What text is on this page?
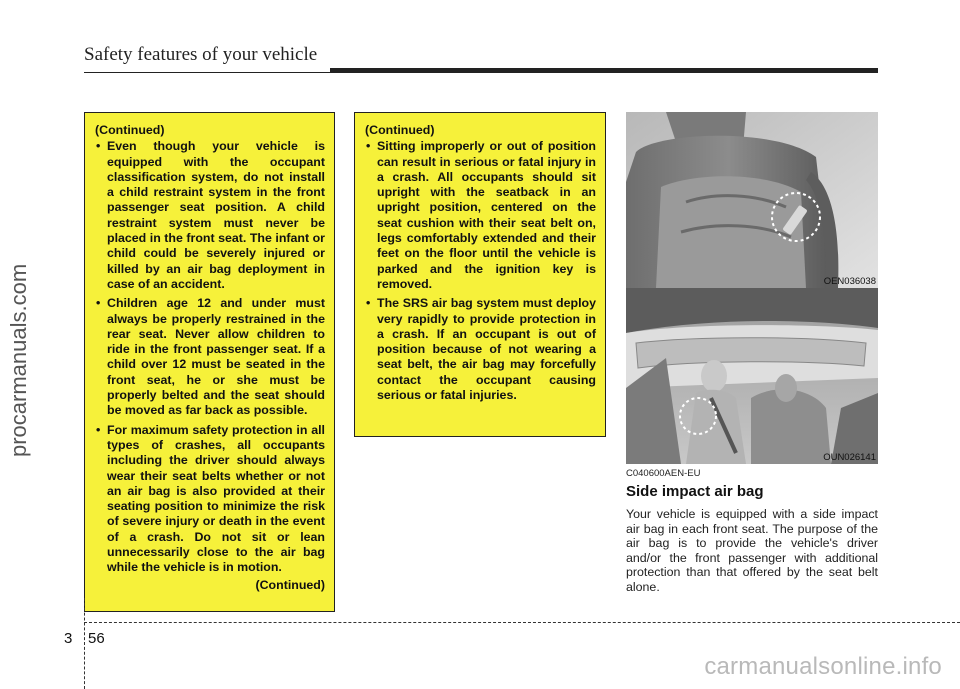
Safety features of your vehicle
procarmanuals.com
(Continued)
• Even though your vehicle is equipped with the occupant classification system, do not install a child restraint system in the front passenger seat position. A child restraint system must never be placed in the front seat. The infant or child could be severely injured or killed by an air bag deployment in case of an accident.
• Children age 12 and under must always be properly restrained in the rear seat. Never allow children to ride in the front passenger seat. If a child over 12 must be seated in the front seat, he or she must be properly belted and the seat should be moved as far back as possible.
• For maximum safety protection in all types of crashes, all occupants including the driver should always wear their seat belts whether or not an air bag is also provided at their seating position to minimize the risk of severe injury or death in the event of a crash. Do not sit or lean unnecessarily close to the air bag while the vehicle is in motion.
(Continued)
(Continued)
• Sitting improperly or out of position can result in serious or fatal injury in a crash. All occupants should sit upright with the seatback in an upright position, centered on the seat cushion with their seat belt on, legs comfortably extended and their feet on the floor until the vehicle is parked and the ignition key is removed.
• The SRS air bag system must deploy very rapidly to provide protection in a crash. If an occupant is out of position because of not wearing a seat belt, the air bag may forcefully contact the occupant causing serious or fatal injuries.
OEN036038
OUN026141
C040600AEN-EU
Side impact air bag
Your vehicle is equipped with a side impact air bag in each front seat. The purpose of the air bag is to provide the vehicle's driver and/or the front passenger with additional protection than that offered by the seat belt alone.
3 56
carmanualsonline.info
